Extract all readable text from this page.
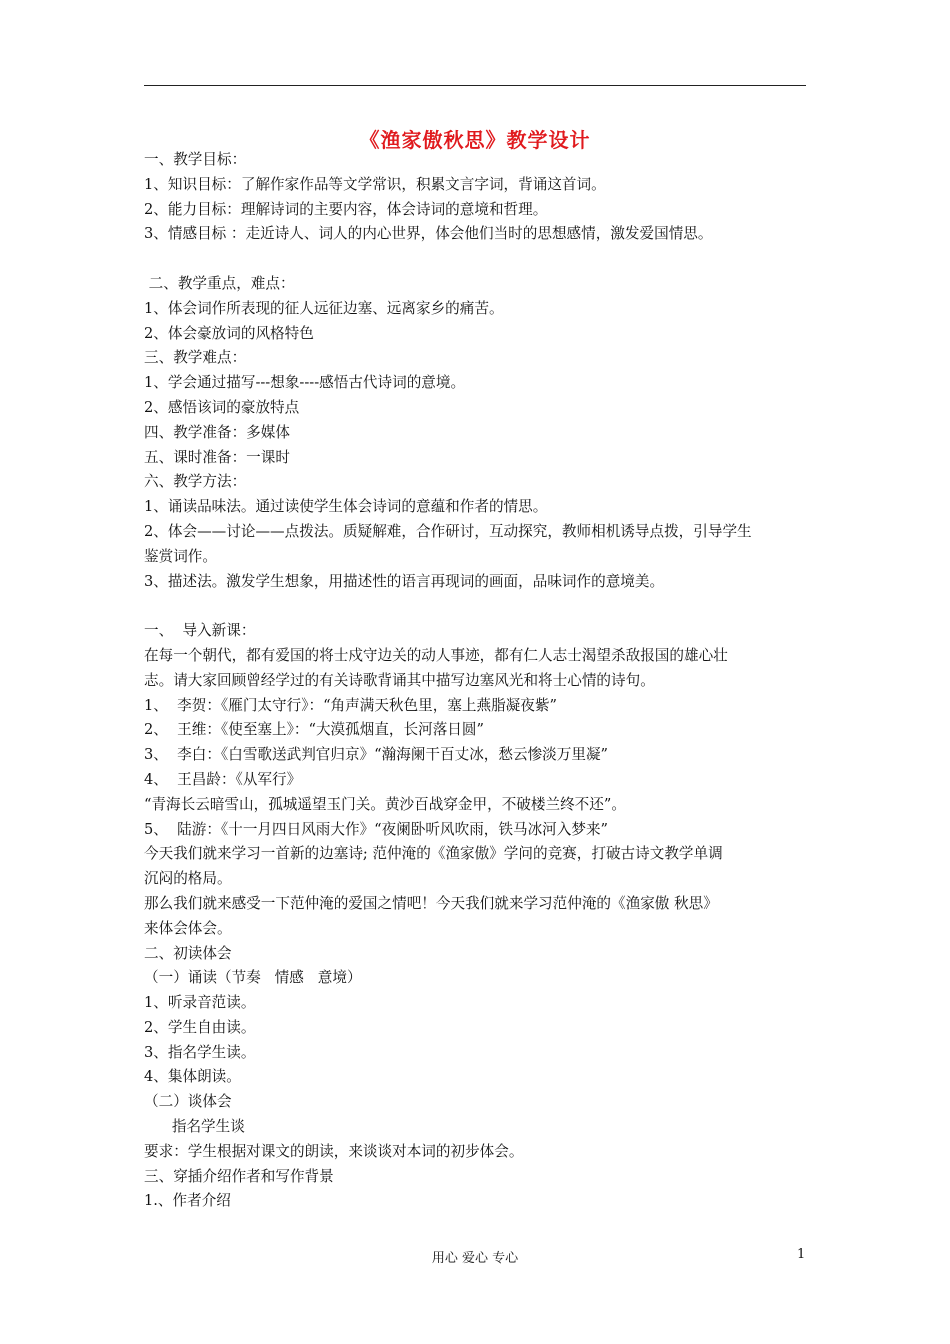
《渔家傲秋思》教学设计

一、教学目标：

1、知识目标：了解作家作品等文学常识，积累文言字词，背诵这首词。

2、能力目标：理解诗词的主要内容，体会诗词的意境和哲理。

3、情感目标 ：走近诗人、词人的内心世界，体会他们当时的思想感情，激发爱国情思。

二、教学重点，难点：

1、体会词作所表现的征人远征边塞、远离家乡的痛苦。

2、体会豪放词的风格特色

三、教学难点：

1、学会通过描写---想象----感悟古代诗词的意境。

2、感悟该词的豪放特点

四、教学准备：多媒体

五、课时准备：一课时

六、教学方法：

1、诵读品味法。通过读使学生体会诗词的意蕴和作者的情思。

2、体会——讨论——点拨法。质疑解难，合作研讨，互动探究，教师相机诱导点拨，引导学生

鉴赏词作。

3、描述法。激发学生想象，用描述性的语言再现词的画面，品味词作的意境美。

一、  导入新课：

在每一个朝代，都有爱国的将士戍守边关的动人事迹，都有仁人志士渴望杀敌报国的雄心壮

志。请大家回顾曾经学过的有关诗歌背诵其中描写边塞风光和将士心情的诗句。

1、  李贺：《雁门太守行》：“角声满天秋色里，塞上燕脂凝夜紫”

2、  王维：《使至塞上》：“大漠孤烟直，长河落日圆”

3、  李白：《白雪歌送武判官归京》“瀚海阑干百丈冰，愁云惨淡万里凝”

4、  王昌龄：《从军行》

“青海长云暗雪山，孤城遥望玉门关。黄沙百战穿金甲，不破楼兰终不还”。

5、  陆游：《十一月四日风雨大作》“夜阑卧听风吹雨，铁马冰河入梦来”

今天我们就来学习一首新的边塞诗; 范仲淹的《渔家傲》学问的竞赛，打破古诗文教学单调

沉闷的格局。

那么我们就来感受一下范仲淹的爱国之情吧！今天我们就来学习范仲淹的《渔家傲 秋思》

来体会体会。

二、初读体会

（一）诵读（节奏   情感   意境）

1、听录音范读。

2、学生自由读。

3、指名学生读。

4、集体朗读。

（二）谈体会

指名学生谈

要求：学生根据对课文的朗读，来谈谈对本词的初步体会。

三、穿插介绍作者和写作背景

1.、作者介绍

用心 爱心 专心	1
